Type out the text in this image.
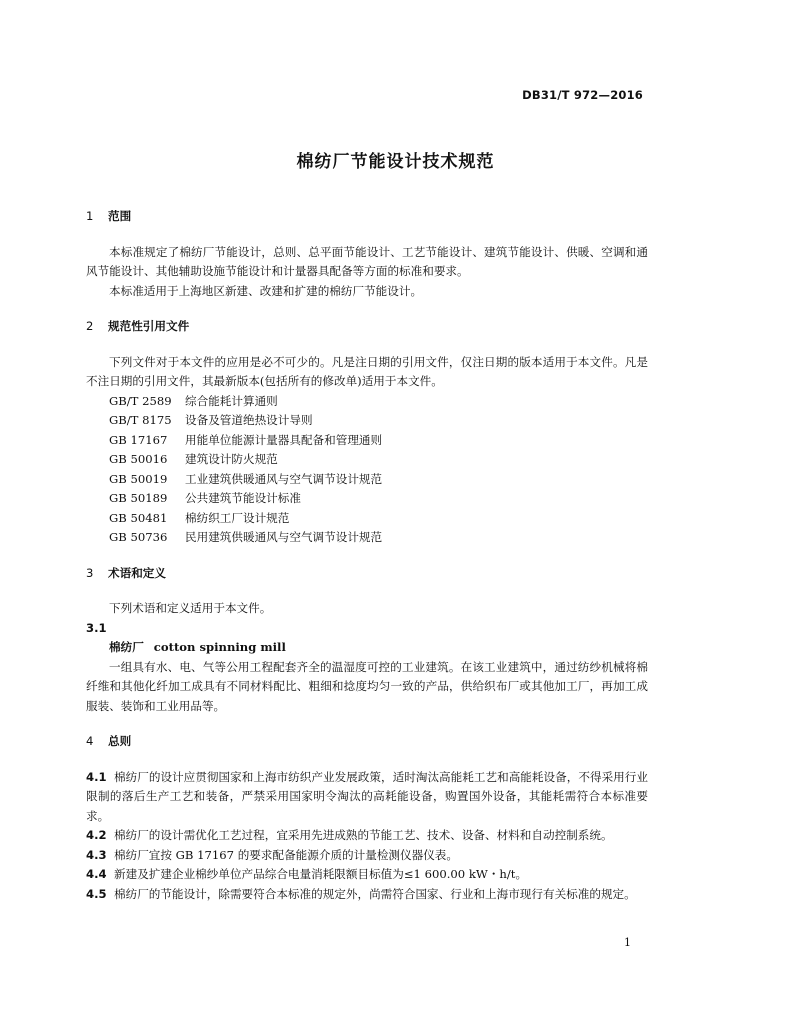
DB31/T 972—2016
棉纺厂节能设计技术规范
1 范围

本标准规定了棉纺厂节能设计，总则、总平面节能设计、工艺节能设计、建筑节能设计、供暖、空调和通风节能设计、其他辅助设施节能设计和计量器具配备等方面的标准和要求。

本标准适用于上海地区新建、改建和扩建的棉纺厂节能设计。

2 规范性引用文件

下列文件对于本文件的应用是必不可少的。凡是注日期的引用文件，仅注日期的版本适用于本文件。凡是不注日期的引用文件，其最新版本(包括所有的修改单)适用于本文件。

GB/T 2589 综合能耗计算通则
GB/T 8175 设备及管道绝热设计导则
GB 17167 用能单位能源计量器具配备和管理通则
GB 50016 建筑设计防火规范
GB 50019 工业建筑供暖通风与空气调节设计规范
GB 50189 公共建筑节能设计标准
GB 50481 棉纺织工厂设计规范
GB 50736 民用建筑供暖通风与空气调节设计规范
3 术语和定义

下列术语和定义适用于本文件。

3.1
棉纺厂 cotton spinning mill

一组具有水、电、气等公用工程配套齐全的温湿度可控的工业建筑。在该工业建筑中，通过纺纱机械将棉纤维和其他化纤加工成具有不同材料配比、粗细和捻度均匀一致的产品，供给织布厂或其他加工厂，再加工成服装、装饰和工业用品等。

4 总则

4.1 棉纺厂的设计应贯彻国家和上海市纺织产业发展政策，适时淘汰高能耗工艺和高能耗设备，不得采用行业限制的落后生产工艺和装备，严禁采用国家明令淘汰的高耗能设备，购置国外设备，其能耗需符合本标准要求。

4.2 棉纺厂的设计需优化工艺过程，宜采用先进成熟的节能工艺、技术、设备、材料和自动控制系统。

4.3 棉纺厂宜按 GB 17167 的要求配备能源介质的计量检测仪器仪表。

4.4 新建及扩建企业棉纱单位产品综合电量消耗限额目标值为≤1 600.00 kW・h/t。

4.5 棉纺厂的节能设计，除需要符合本标准的规定外，尚需符合国家、行业和上海市现行有关标准的规定。

1
